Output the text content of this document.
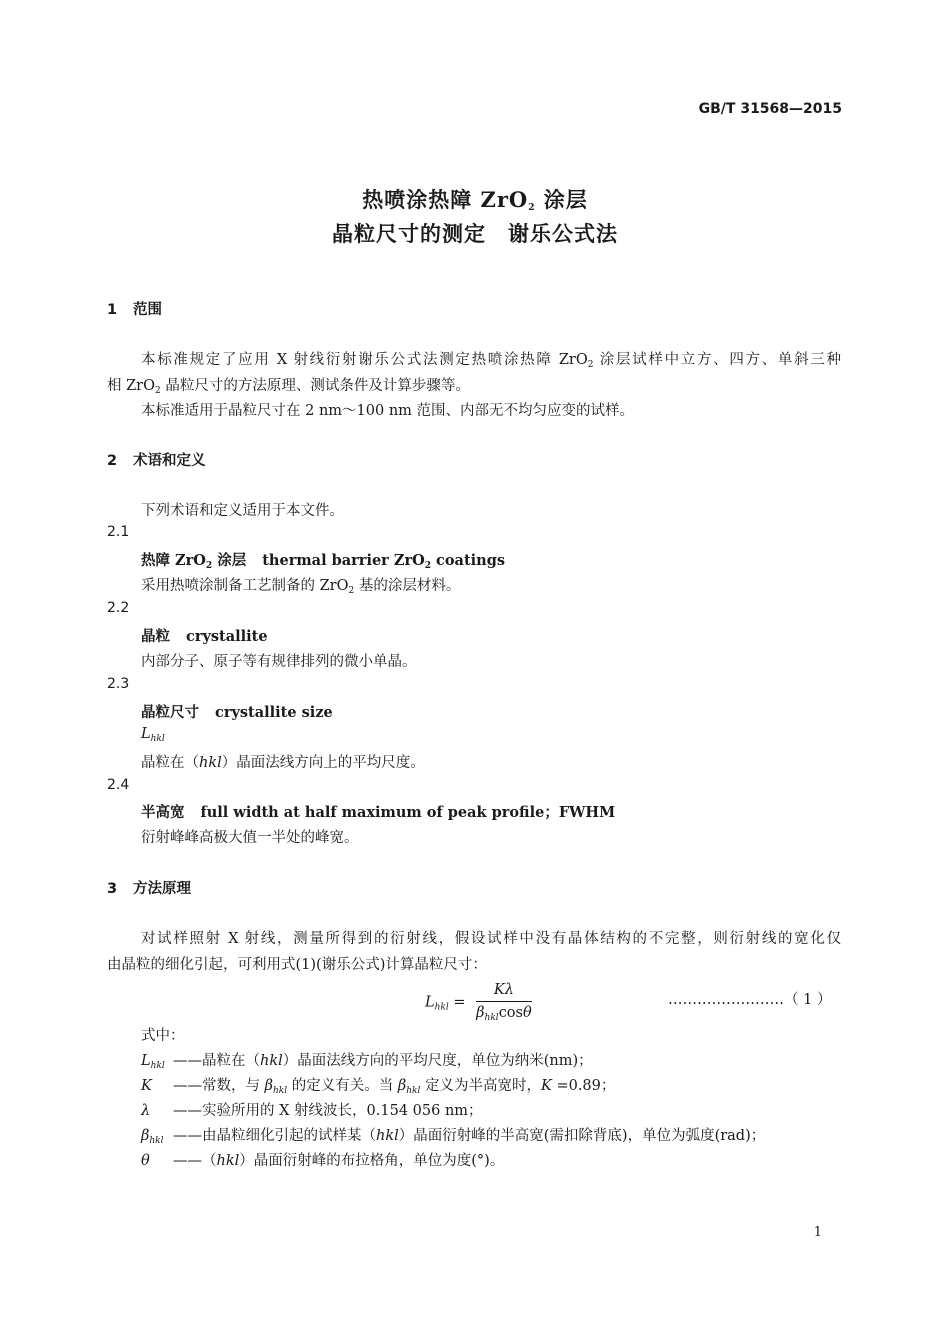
GB/T 31568—2015
热喷涂热障 ZrO2 涂层
晶粒尺寸的测定　谢乐公式法
1 范围
本标准规定了应用 X 射线衍射谢乐公式法测定热喷涂热障 ZrO$_2$ 涂层试样中立方、四方、单斜三种
相 ZrO$_2$ 晶粒尺寸的方法原理、测试条件及计算步骤等。
本标准适用于晶粒尺寸在 2 nm～100 nm 范围、内部无不均匀应变的试样。
2 术语和定义
下列术语和定义适用于本文件。
2.1
热障 ZrO$_2$ 涂层 thermal barrier ZrO$_2$ coatings
采用热喷涂制备工艺制备的 ZrO$_2$ 基的涂层材料。
2.2
晶粒 crystallite
内部分子、原子等有规律排列的微小单晶。
2.3
晶粒尺寸 crystallite size
$L_{hkl}$
晶粒在（hkl）晶面法线方向上的平均尺度。
2.4
半高宽 full width at half maximum of peak profile；FWHM
衍射峰峰高极大值一半处的峰宽。
3 方法原理
对试样照射 X 射线，测量所得到的衍射线，假设试样中没有晶体结构的不完整，则衍射线的宽化仅
由晶粒的细化引起，可利用式(1)(谢乐公式)计算晶粒尺寸：
$L_{hkl} = \frac{K\lambda}{\beta_{hkl}\cos\theta}$	……………………（ 1 ）
式中：
$L_{hkl}$ ——晶粒在（hkl）晶面法线方向的平均尺度，单位为纳米(nm)；
K ——常数，与 $\beta_{hkl}$ 的定义有关。当 $\beta_{hkl}$ 定义为半高宽时，K =0.89；
λ ——实验所用的 X 射线波长，0.154 056 nm；
$\beta_{hkl}$ ——由晶粒细化引起的试样某（hkl）晶面衍射峰的半高宽(需扣除背底)，单位为弧度(rad)；
θ ——（hkl）晶面衍射峰的布拉格角，单位为度(°)。
1
